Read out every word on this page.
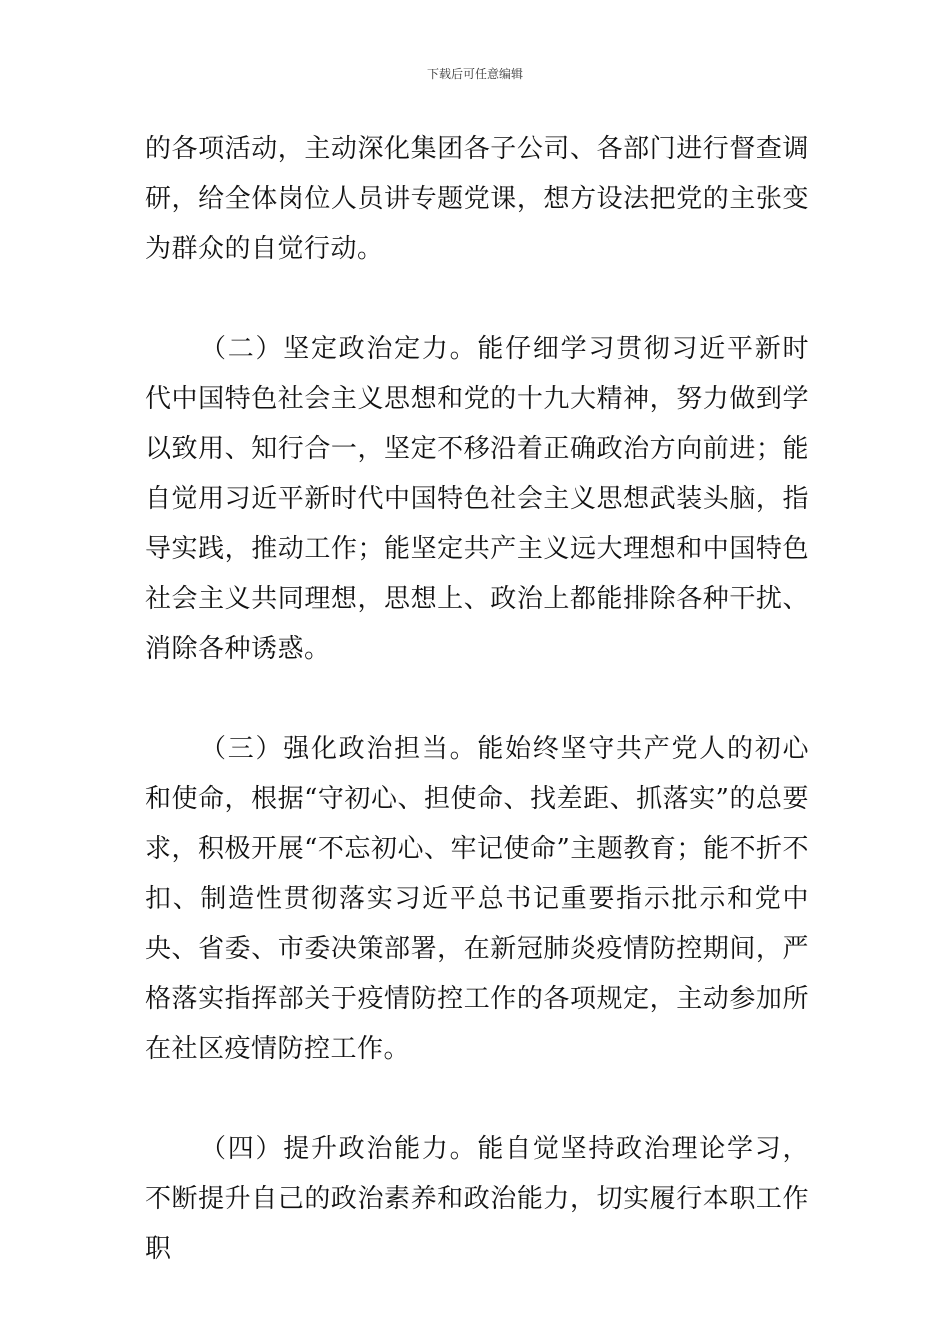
下载后可任意编辑

的各项活动，主动深化集团各子公司、各部门进行督查调研，给全体岗位人员讲专题党课，想方设法把党的主张变为群众的自觉行动。

（二）坚定政治定力。能仔细学习贯彻习近平新时代中国特色社会主义思想和党的十九大精神，努力做到学以致用、知行合一，坚定不移沿着正确政治方向前进；能自觉用习近平新时代中国特色社会主义思想武装头脑，指导实践，推动工作；能坚定共产主义远大理想和中国特色社会主义共同理想，思想上、政治上都能排除各种干扰、消除各种诱惑。

（三）强化政治担当。能始终坚守共产党人的初心和使命，根据“守初心、担使命、找差距、抓落实”的总要求，积极开展“不忘初心、牢记使命”主题教育；能不折不扣、制造性贯彻落实习近平总书记重要指示批示和党中央、省委、市委决策部署，在新冠肺炎疫情防控期间，严格落实指挥部关于疫情防控工作的各项规定，主动参加所在社区疫情防控工作。

（四）提升政治能力。能自觉坚持政治理论学习，不断提升自己的政治素养和政治能力，切实履行本职工作职
